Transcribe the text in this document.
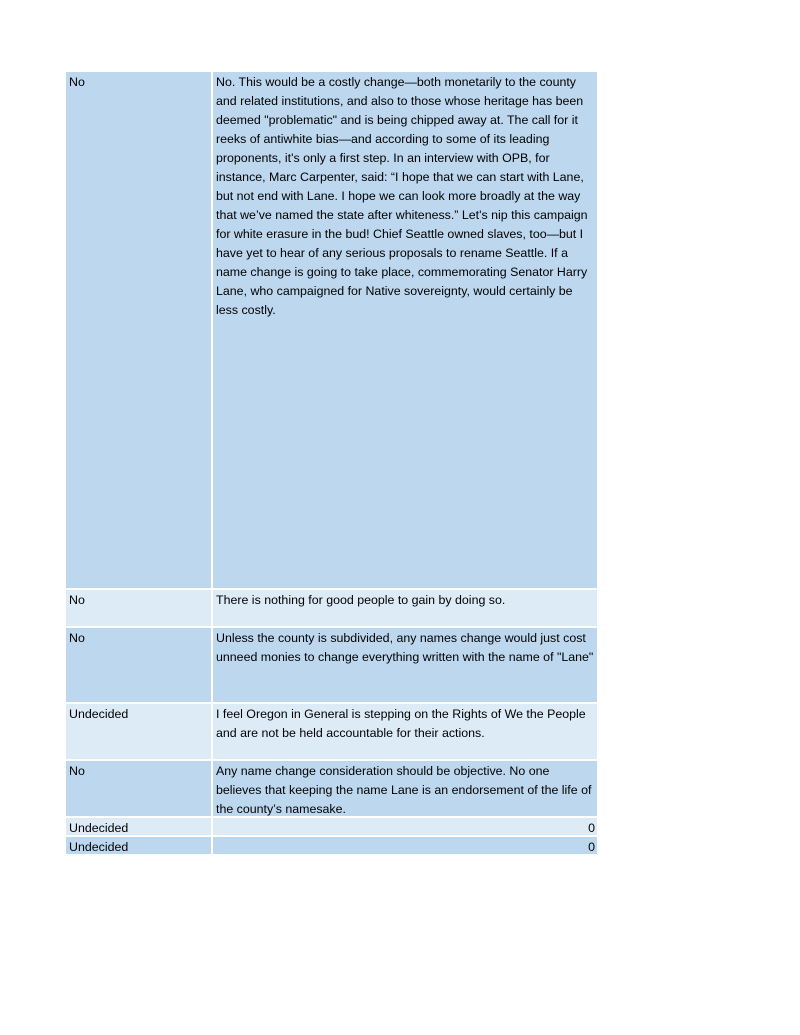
No	No. This would be a costly change—both monetarily to the county and related institutions, and also to those whose heritage has been deemed "problematic" and is being chipped away at. The call for it reeks of antiwhite bias—and according to some of its leading proponents, it's only a first step. In an interview with OPB, for instance, Marc Carpenter, said: “I hope that we can start with Lane, but not end with Lane. I hope we can look more broadly at the way that we’ve named the state after whiteness.” Let's nip this campaign for white erasure in the bud! Chief Seattle owned slaves, too—but I have yet to hear of any serious proposals to rename Seattle. If a name change is going to take place, commemorating Senator Harry Lane, who campaigned for Native sovereignty, would certainly be less costly.
No	There is nothing for good people to gain by doing so.
No	Unless the county is subdivided, any names change would just cost unneed monies to change everything written with the name of "Lane"
Undecided	I feel Oregon in General is stepping on the Rights of We the People and are not be held accountable for their actions.
No	Any name change consideration should be objective. No one believes that keeping the name Lane is an endorsement of the life of the county’s namesake.
Undecided	0
Undecided	0
